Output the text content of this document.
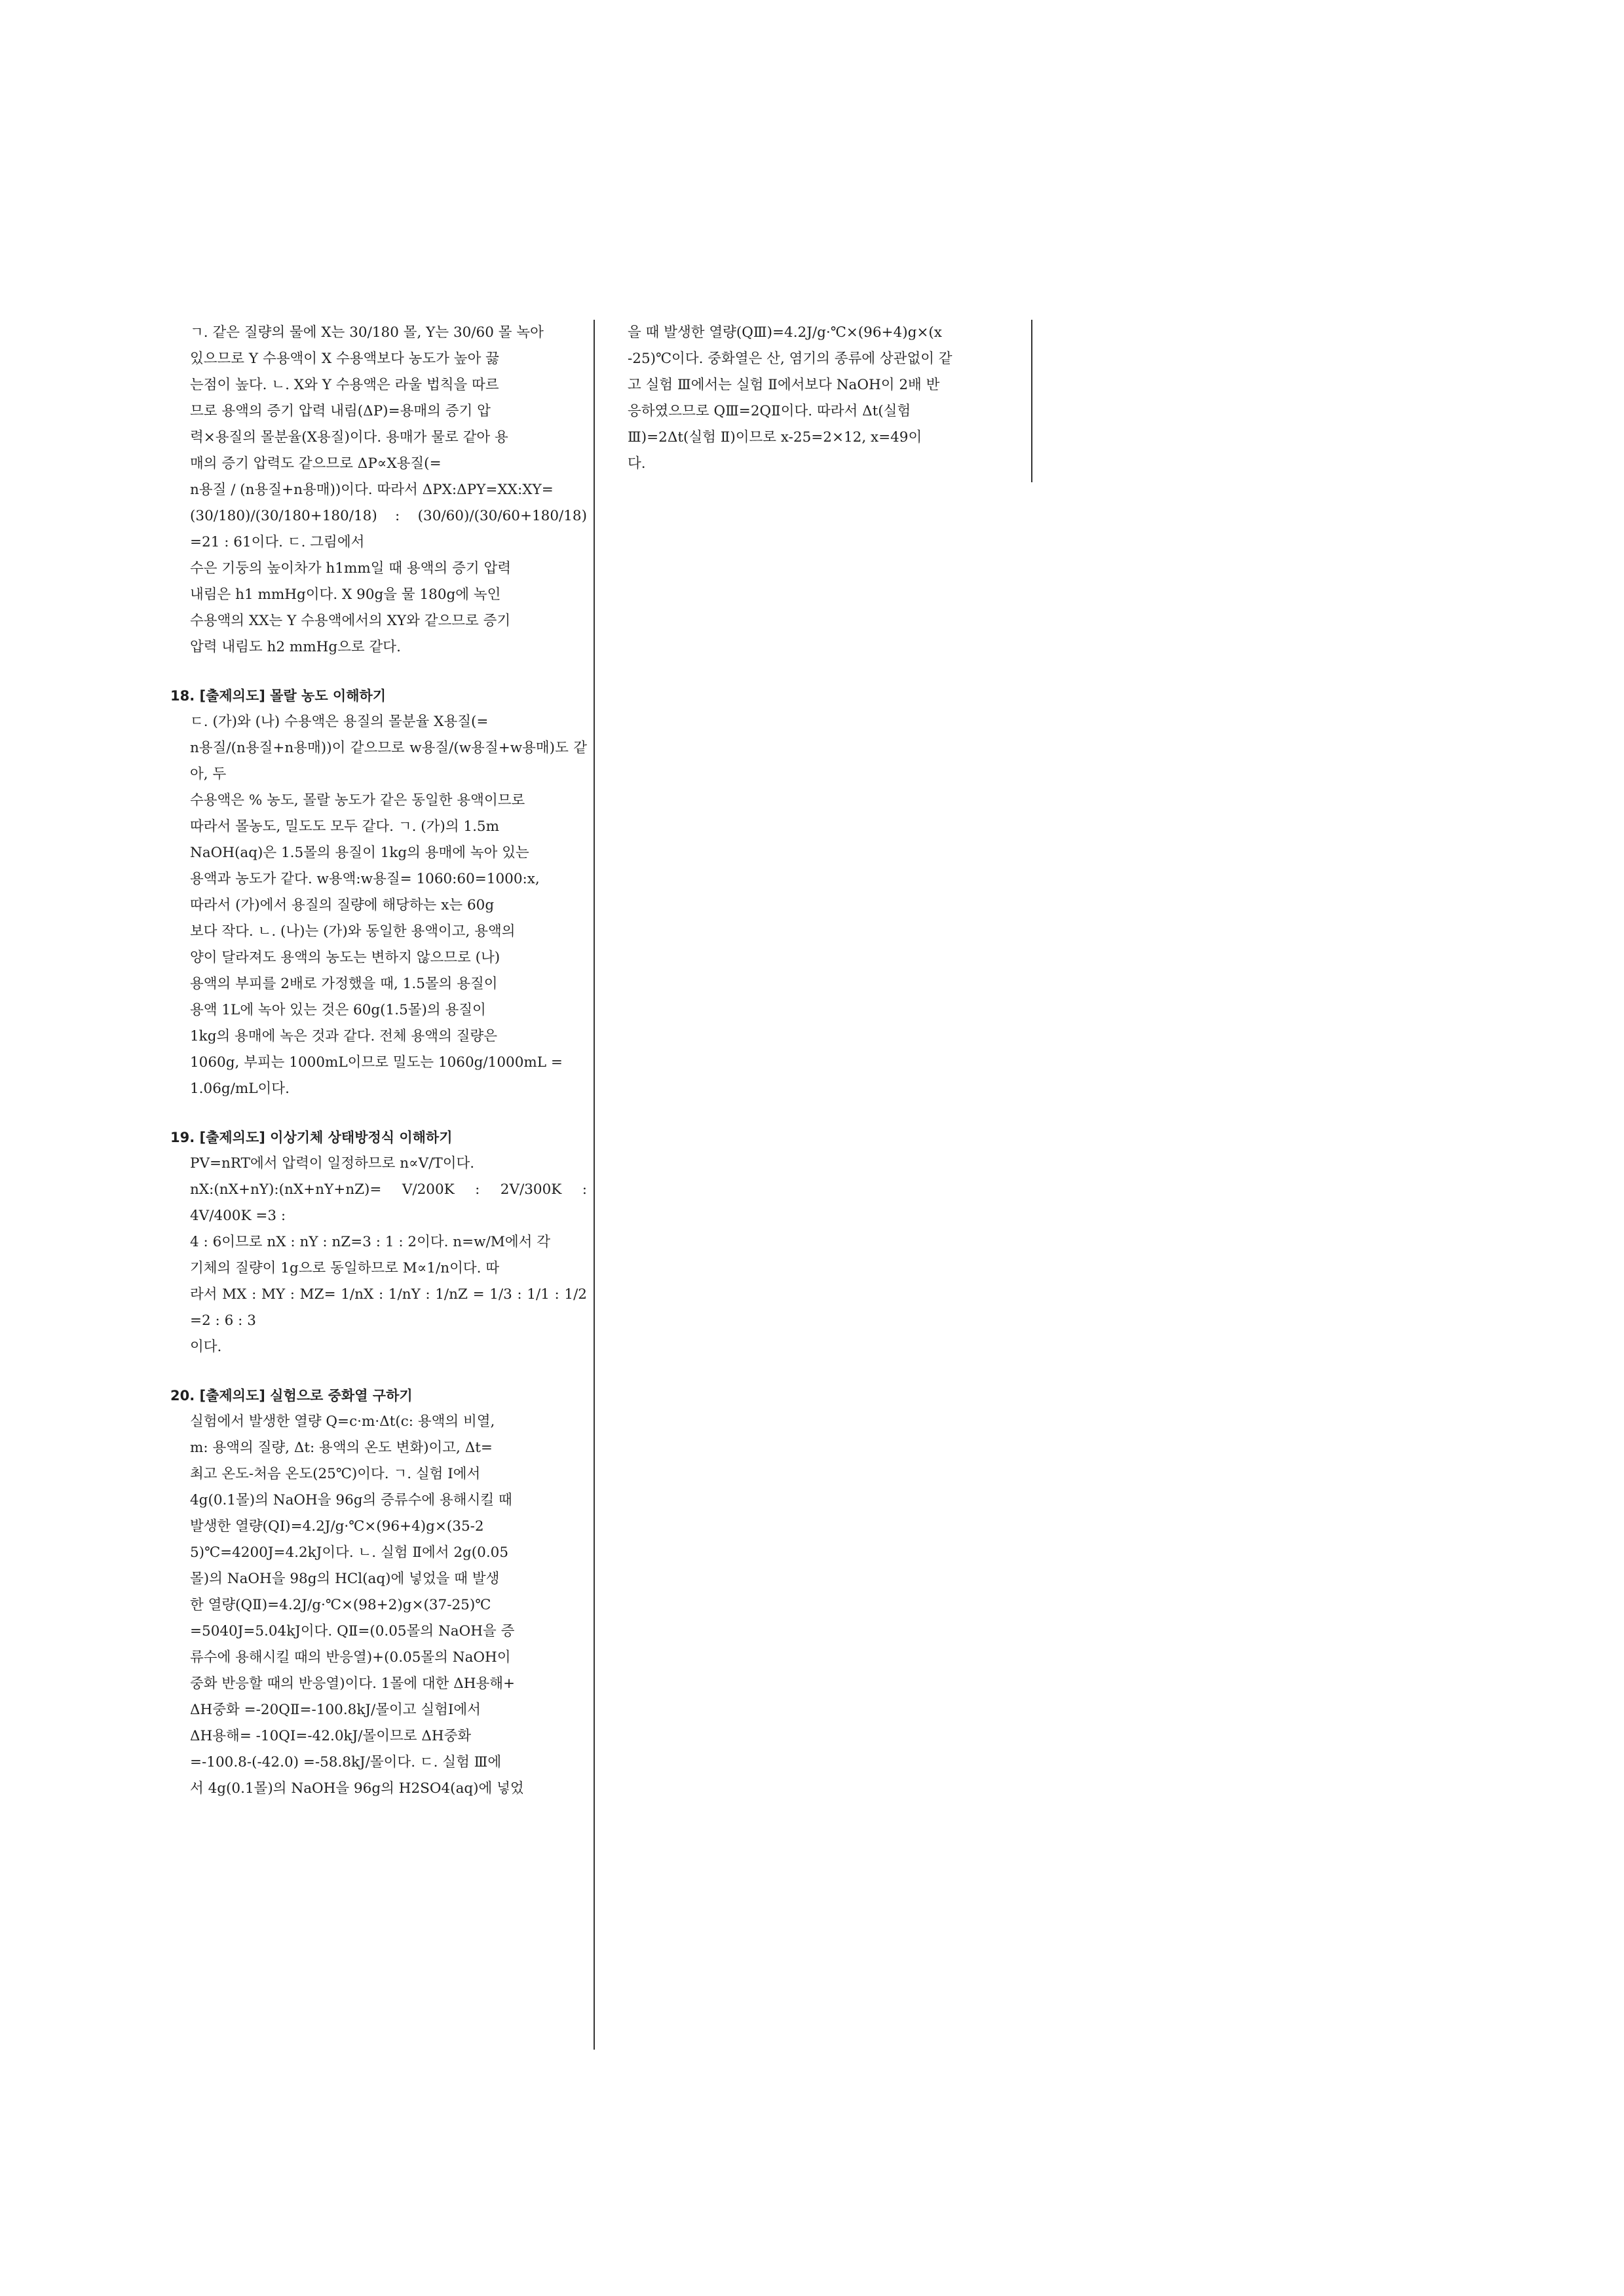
ㄱ. 같은 질량의 물에 X는 30/180 몰, Y는 30/60 몰 녹아

있으므로 Y 수용액이 X 수용액보다 농도가 높아 끓

는점이 높다. ㄴ. X와 Y 수용액은 라울 법칙을 따르

므로 용액의 증기 압력 내림(ΔP)=용매의 증기 압

력×용질의 몰분율(X용질)이다. 용매가 물로 같아 용

매의 증기 압력도 같으므로 ΔP∝X용질(=

n용질 / (n용질+n용매))이다. 따라서 ΔPX:ΔPY=XX:XY=

(30/180)/(30/180+180/18) : (30/60)/(30/60+180/18) =21 : 61이다. ㄷ. 그림에서

수은 기둥의 높이차가 h1mm일 때 용액의 증기 압력

내림은 h1 mmHg이다. X 90g을 물 180g에 녹인

수용액의 XX는 Y 수용액에서의 XY와 같으므로 증기

압력 내림도 h2 mmHg으로 같다.

18. [출제의도] 몰랄 농도 이해하기

ㄷ. (가)와 (나) 수용액은 용질의 몰분율 X용질(=

n용질/(n용질+n용매))이 같으므로 w용질/(w용질+w용매)도 같아, 두

수용액은 % 농도, 몰랄 농도가 같은 동일한 용액이므로

따라서 몰농도, 밀도도 모두 같다. ㄱ. (가)의 1.5m

NaOH(aq)은 1.5몰의 용질이 1kg의 용매에 녹아 있는

용액과 농도가 같다. w용액:w용질= 1060:60=1000:x,

따라서 (가)에서 용질의 질량에 해당하는 x는 60g

보다 작다. ㄴ. (나)는 (가)와 동일한 용액이고, 용액의

양이 달라져도 용액의 농도는 변하지 않으므로 (나)

용액의 부피를 2배로 가정했을 때, 1.5몰의 용질이

용액 1L에 녹아 있는 것은 60g(1.5몰)의 용질이

1kg의 용매에 녹은 것과 같다. 전체 용액의 질량은

1060g, 부피는 1000mL이므로 밀도는 1060g/1000mL =

1.06g/mL이다.

19. [출제의도] 이상기체 상태방정식 이해하기

PV=nRT에서 압력이 일정하므로 n∝V/T이다.

nX:(nX+nY):(nX+nY+nZ)= V/200K : 2V/300K : 4V/400K =3 :

4 : 6이므로 nX : nY : nZ=3 : 1 : 2이다. n=w/M에서 각

기체의 질량이 1g으로 동일하므로 M∝1/n이다. 따

라서 MX : MY : MZ= 1/nX : 1/nY : 1/nZ = 1/3 : 1/1 : 1/2 =2 : 6 : 3

이다.

20. [출제의도] 실험으로 중화열 구하기

실험에서 발생한 열량 Q=c·m·Δt(c: 용액의 비열,

m: 용액의 질량, Δt: 용액의 온도 변화)이고, Δt=

최고 온도-처음 온도(25℃)이다. ㄱ. 실험 Ⅰ에서

4g(0.1몰)의 NaOH을 96g의 증류수에 용해시킬 때

발생한 열량(QⅠ)=4.2J/g·℃×(96+4)g×(35-2

5)℃=4200J=4.2kJ이다. ㄴ. 실험 Ⅱ에서 2g(0.05

몰)의 NaOH을 98g의 HCl(aq)에 넣었을 때 발생

한 열량(QⅡ)=4.2J/g·℃×(98+2)g×(37-25)℃

=5040J=5.04kJ이다. QⅡ=(0.05몰의 NaOH을 증

류수에 용해시킬 때의 반응열)+(0.05몰의 NaOH이

중화 반응할 때의 반응열)이다. 1몰에 대한 ΔH용해+

ΔH중화 =-20QⅡ=-100.8kJ/몰이고 실험Ⅰ에서

ΔH용해= -10QⅠ=-42.0kJ/몰이므로 ΔH중화

=-100.8-(-42.0) =-58.8kJ/몰이다. ㄷ. 실험 Ⅲ에

서 4g(0.1몰)의 NaOH을 96g의 H2SO4(aq)에 넣었

을 때 발생한 열량(QⅢ)=4.2J/g·℃×(96+4)g×(x

-25)℃이다. 중화열은 산, 염기의 종류에 상관없이 같

고 실험 Ⅲ에서는 실험 Ⅱ에서보다 NaOH이 2배 반

응하였으므로 QⅢ=2QⅡ이다. 따라서 Δt(실험

Ⅲ)=2Δt(실험 Ⅱ)이므로 x-25=2×12, x=49이

다.
